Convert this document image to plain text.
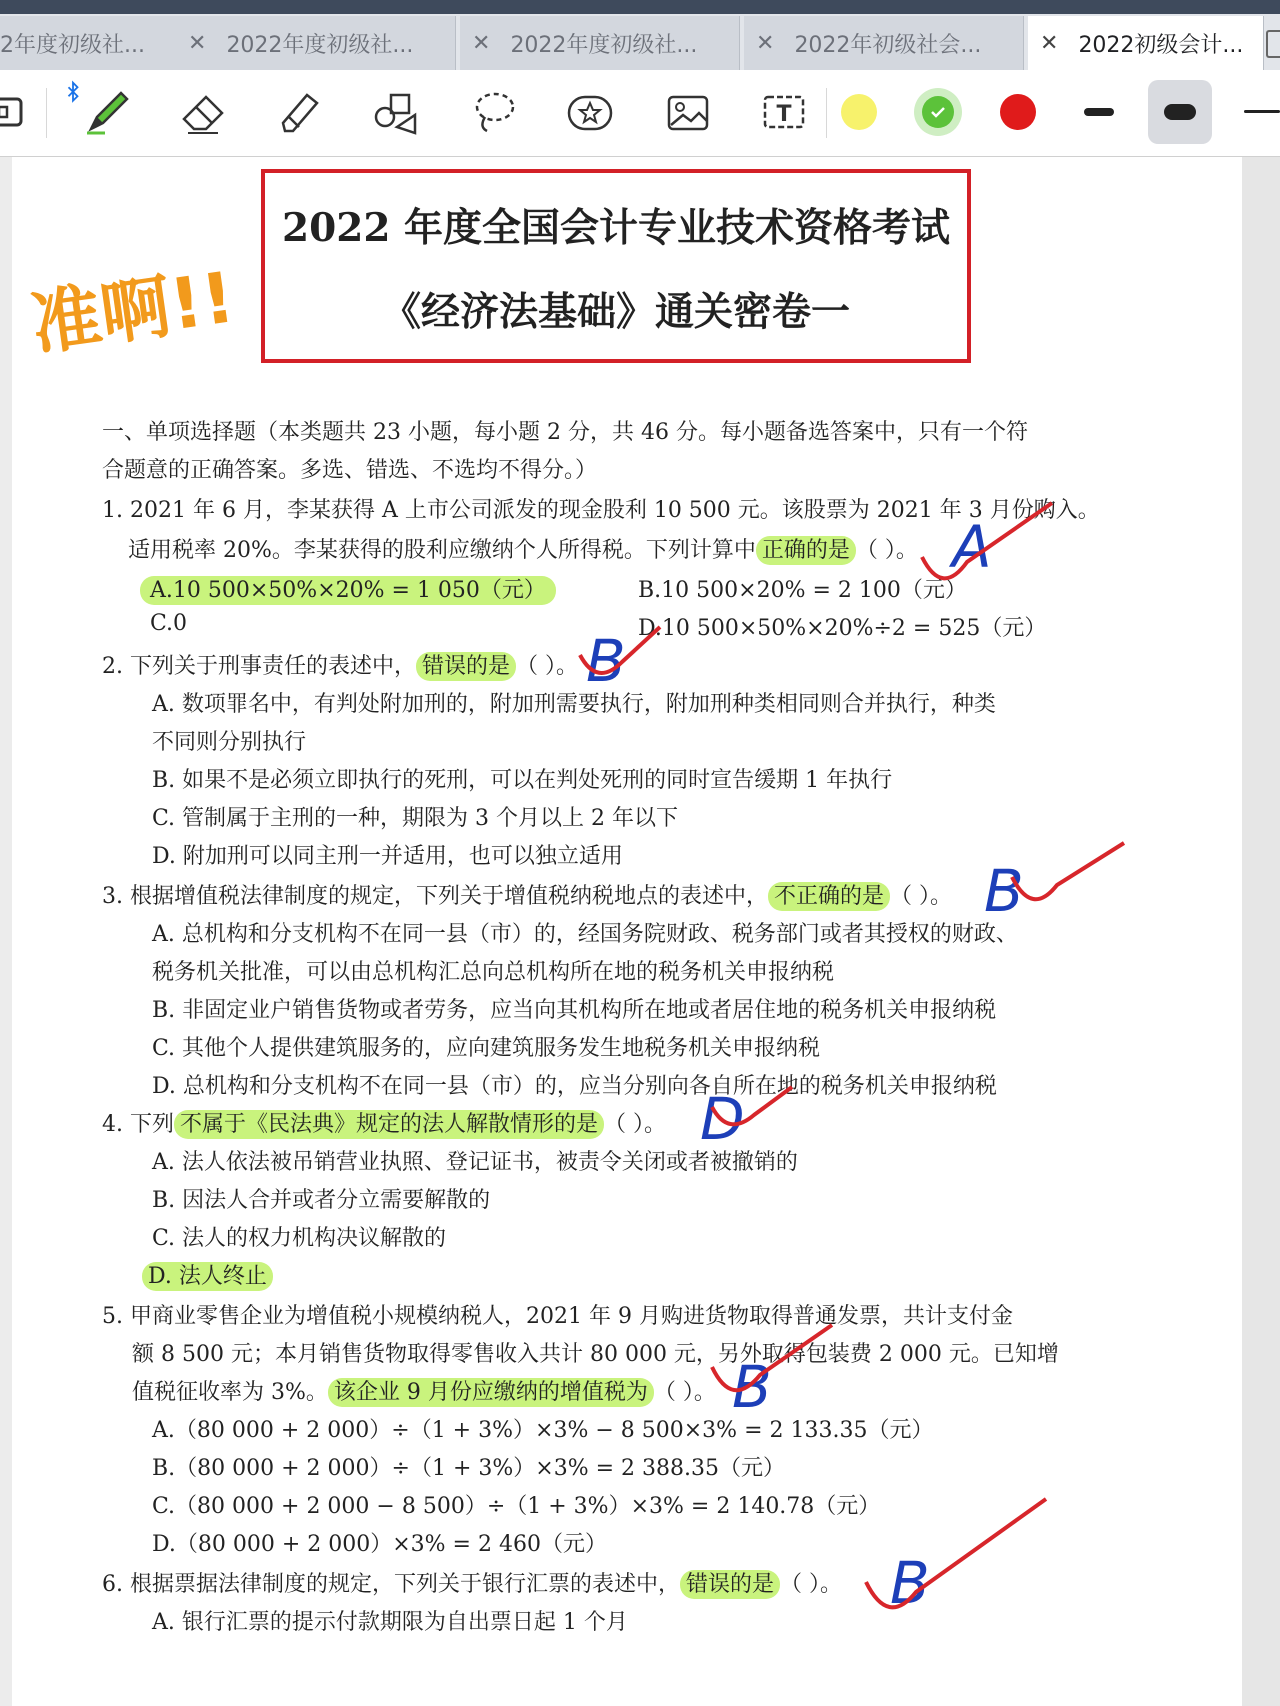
2年度初级社... ✕ 2022年度初级社...	✕ 2022年度初级社...	✕ 2022年初级社会...	✕ 2022初级会计...
T
2022 年度全国会计专业技术资格考试
《经济法基础》通关密卷一
准啊!!
一、单项选择题（本类题共 23 小题，每小题 2 分，共 46 分。每小题备选答案中，只有一个符
合题意的正确答案。多选、错选、不选均不得分。）
1. 2021 年 6 月，李某获得 A 上市公司派发的现金股利 10 500 元。该股票为 2021 年 3 月份购入。
适用税率 20%。李某获得的股利应缴纳个人所得税。下列计算中 正确的是 （ ）。
A.10 500×50%×20% = 1 050（元）	B.10 500×20% = 2 100（元）
C.0	D.10 500×50%×20%÷2 = 525（元）
A
2. 下列关于刑事责任的表述中， 错误的是 （ ）。 B
A. 数项罪名中，有判处附加刑的，附加刑需要执行，附加刑种类相同则合并执行，种类
不同则分别执行
B. 如果不是必须立即执行的死刑，可以在判处死刑的同时宣告缓期 1 年执行
C. 管制属于主刑的一种，期限为 3 个月以上 2 年以下
D. 附加刑可以同主刑一并适用，也可以独立适用
3. 根据增值税法律制度的规定，下列关于增值税纳税地点的表述中， 不正确的是 （ ）。 B
A. 总机构和分支机构不在同一县（市）的，经国务院财政、税务部门或者其授权的财政、
税务机关批准，可以由总机构汇总向总机构所在地的税务机关申报纳税
B. 非固定业户销售货物或者劳务，应当向其机构所在地或者居住地的税务机关申报纳税
C. 其他个人提供建筑服务的，应向建筑服务发生地税务机关申报纳税
D. 总机构和分支机构不在同一县（市）的，应当分别向各自所在地的税务机关申报纳税
4. 下列 不属于《民法典》规定的法人解散情形的是 （ ）。 D
A. 法人依法被吊销营业执照、登记证书，被责令关闭或者被撤销的
B. 因法人合并或者分立需要解散的
C. 法人的权力机构决议解散的
D. 法人终止
5. 甲商业零售企业为增值税小规模纳税人，2021 年 9 月购进货物取得普通发票，共计支付金
额 8 500 元；本月销售货物取得零售收入共计 80 000 元，另外取得包装费 2 000 元。已知增
值税征收率为 3%。 该企业 9 月份应缴纳的增值税为 （ ）。 B
A.（80 000 + 2 000）÷（1 + 3%）×3% − 8 500×3% = 2 133.35（元）
B.（80 000 + 2 000）÷（1 + 3%）×3% = 2 388.35（元）
C.（80 000 + 2 000 − 8 500）÷（1 + 3%）×3% = 2 140.78（元）
D.（80 000 + 2 000）×3% = 2 460（元）
6. 根据票据法律制度的规定，下列关于银行汇票的表述中， 错误的是 （ ）。 B
A. 银行汇票的提示付款期限为自出票日起 1 个月
